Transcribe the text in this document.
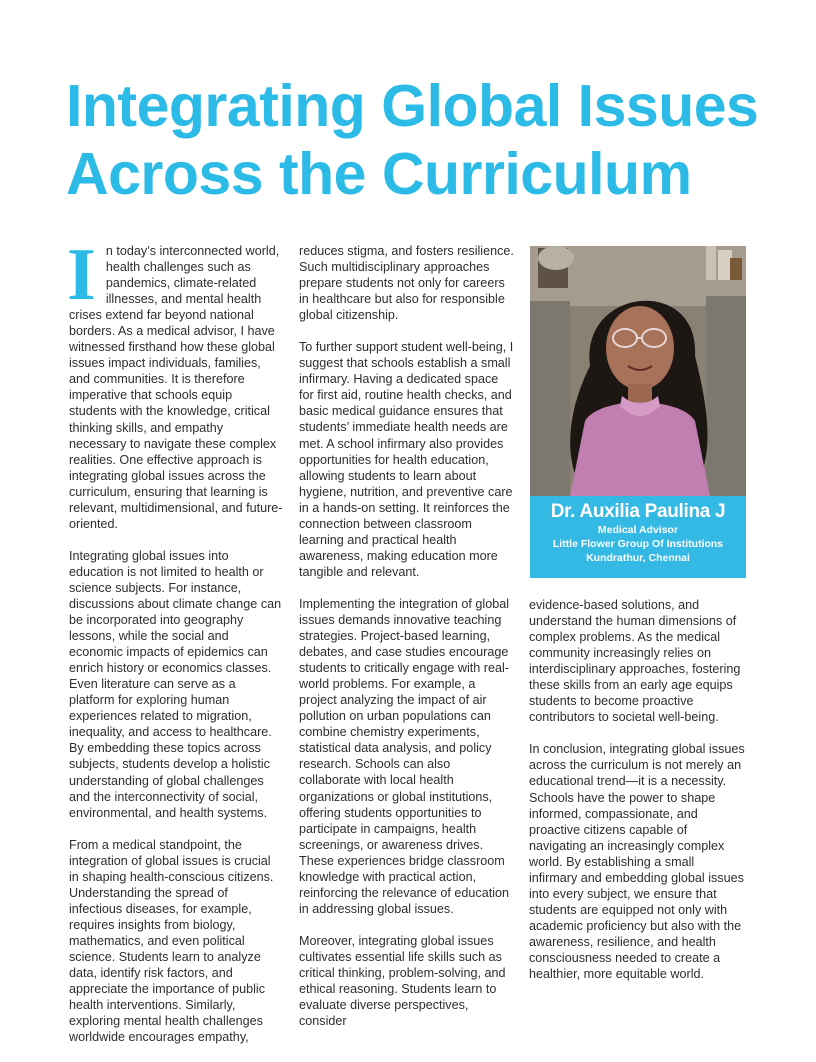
Integrating Global Issues
Across the Curriculum

In today’s interconnected world, health challenges such as pandemics, climate-related illnesses, and mental health crises extend far beyond national borders. As a medical advisor, I have witnessed firsthand how these global issues impact individuals, families, and communities. It is therefore imperative that schools equip students with the knowledge, critical thinking skills, and empathy necessary to navigate these complex realities. One effective approach is integrating global issues across the curriculum, ensuring that learning is relevant, multidimensional, and future-oriented.

Integrating global issues into education is not limited to health or science subjects. For instance, discussions about climate change can be incorporated into geography lessons, while the social and economic impacts of epidemics can enrich history or economics classes. Even literature can serve as a platform for exploring human experiences related to migration, inequality, and access to healthcare. By embedding these topics across subjects, students develop a holistic understanding of global challenges and the interconnectivity of social, environmental, and health systems.

From a medical standpoint, the integration of global issues is crucial in shaping health-conscious citizens. Understanding the spread of infectious diseases, for example, requires insights from biology, mathematics, and even political science. Students learn to analyze data, identify risk factors, and appreciate the importance of public health interventions. Similarly, exploring mental health challenges worldwide encourages empathy,

reduces stigma, and fosters resilience. Such multidisciplinary approaches prepare students not only for careers in healthcare but also for responsible global citizenship.

To further support student well-being, I suggest that schools establish a small infirmary. Having a dedicated space for first aid, routine health checks, and basic medical guidance ensures that students’ immediate health needs are met. A school infirmary also provides opportunities for health education, allowing students to learn about hygiene, nutrition, and preventive care in a hands-on setting. It reinforces the connection between classroom learning and practical health awareness, making education more tangible and relevant.

Implementing the integration of global issues demands innovative teaching strategies. Project-based learning, debates, and case studies encourage students to critically engage with real-world problems. For example, a project analyzing the impact of air pollution on urban populations can combine chemistry experiments, statistical data analysis, and policy research. Schools can also collaborate with local health organizations or global institutions, offering students opportunities to participate in campaigns, health screenings, or awareness drives. These experiences bridge classroom knowledge with practical action, reinforcing the relevance of education in addressing global issues.

Moreover, integrating global issues cultivates essential life skills such as critical thinking, problem-solving, and ethical reasoning. Students learn to evaluate diverse perspectives, consider

Dr. Auxilia Paulina J
Medical Advisor
Little Flower Group Of Institutions
Kundrathur, Chennai

evidence-based solutions, and understand the human dimensions of complex problems. As the medical community increasingly relies on interdisciplinary approaches, fostering these skills from an early age equips students to become proactive contributors to societal well-being.

In conclusion, integrating global issues across the curriculum is not merely an educational trend—it is a necessity. Schools have the power to shape informed, compassionate, and proactive citizens capable of navigating an increasingly complex world. By establishing a small infirmary and embedding global issues into every subject, we ensure that students are equipped not only with academic proficiency but also with the awareness, resilience, and health consciousness needed to create a healthier, more equitable world.
